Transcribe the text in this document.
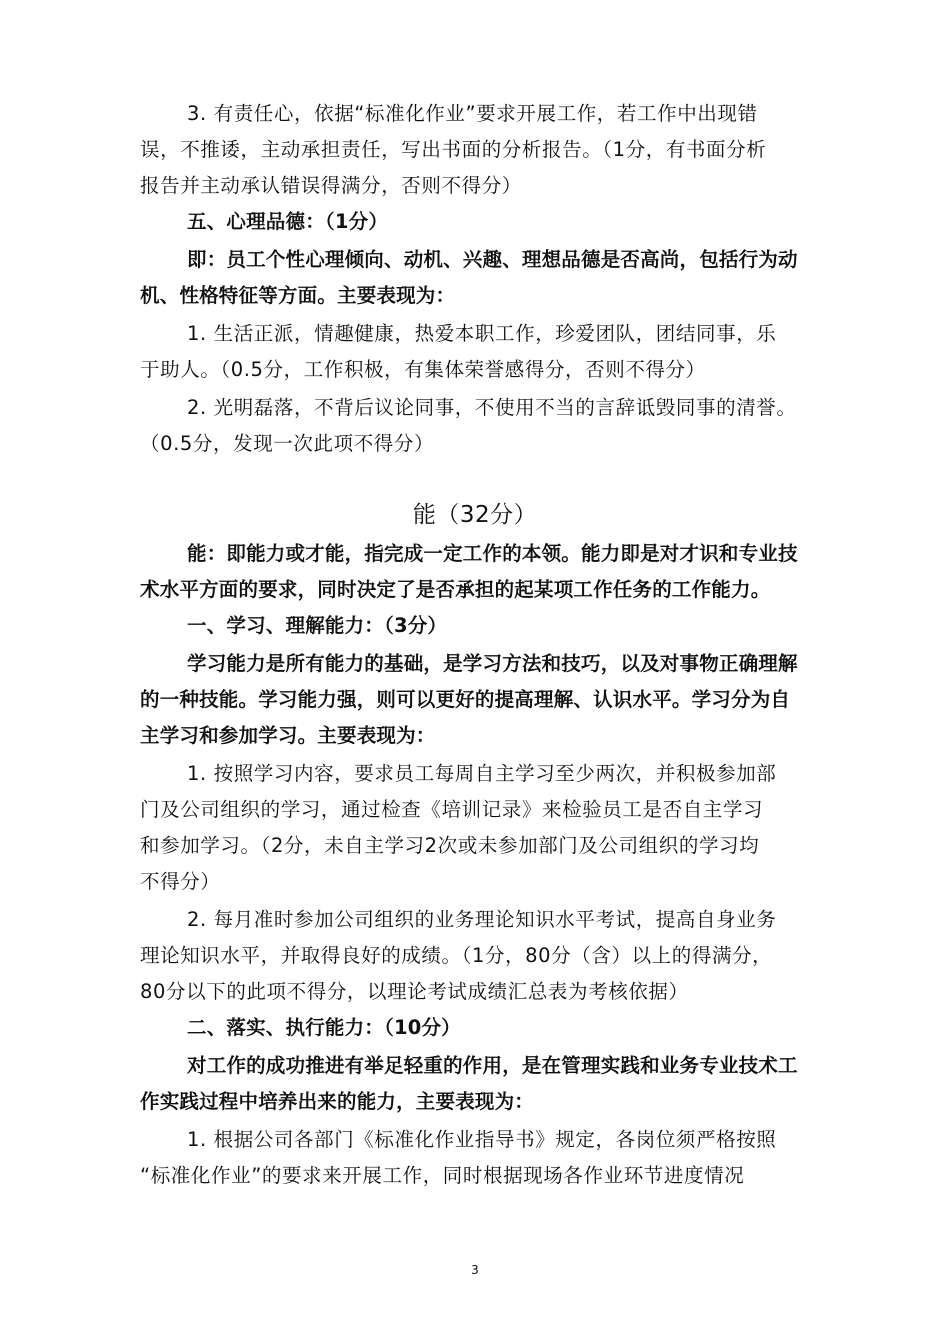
3. 有责任心，依据“标准化作业”要求开展工作，若工作中出现错
误，不推诿，主动承担责任，写出书面的分析报告。（1分，有书面分析
报告并主动承认错误得满分，否则不得分）
五、心理品德：（1分）
即：员工个性心理倾向、动机、兴趣、理想品德是否高尚，包括行为动
机、性格特征等方面。主要表现为：
1. 生活正派，情趣健康，热爱本职工作，珍爱团队，团结同事，乐
于助人。（0.5分，工作积极，有集体荣誉感得分，否则不得分）
2. 光明磊落，不背后议论同事，不使用不当的言辞诋毁同事的清誉。
（0.5分，发现一次此项不得分）
能（32分）
能：即能力或才能，指完成一定工作的本领。能力即是对才识和专业技
术水平方面的要求，同时决定了是否承担的起某项工作任务的工作能力。
一、学习、理解能力：（3分）
学习能力是所有能力的基础，是学习方法和技巧，以及对事物正确理解
的一种技能。学习能力强，则可以更好的提高理解、认识水平。学习分为自
主学习和参加学习。主要表现为：
1. 按照学习内容，要求员工每周自主学习至少两次，并积极参加部
门及公司组织的学习，通过检查《培训记录》来检验员工是否自主学习
和参加学习。（2分，未自主学习2次或未参加部门及公司组织的学习均
不得分）
2. 每月准时参加公司组织的业务理论知识水平考试，提高自身业务
理论知识水平，并取得良好的成绩。（1分，80分（含）以上的得满分，
80分以下的此项不得分，以理论考试成绩汇总表为考核依据）
二、落实、执行能力：（10分）
对工作的成功推进有举足轻重的作用，是在管理实践和业务专业技术工
作实践过程中培养出来的能力，主要表现为：
1. 根据公司各部门《标准化作业指导书》规定，各岗位须严格按照
“标准化作业”的要求来开展工作，同时根据现场各作业环节进度情况
3
